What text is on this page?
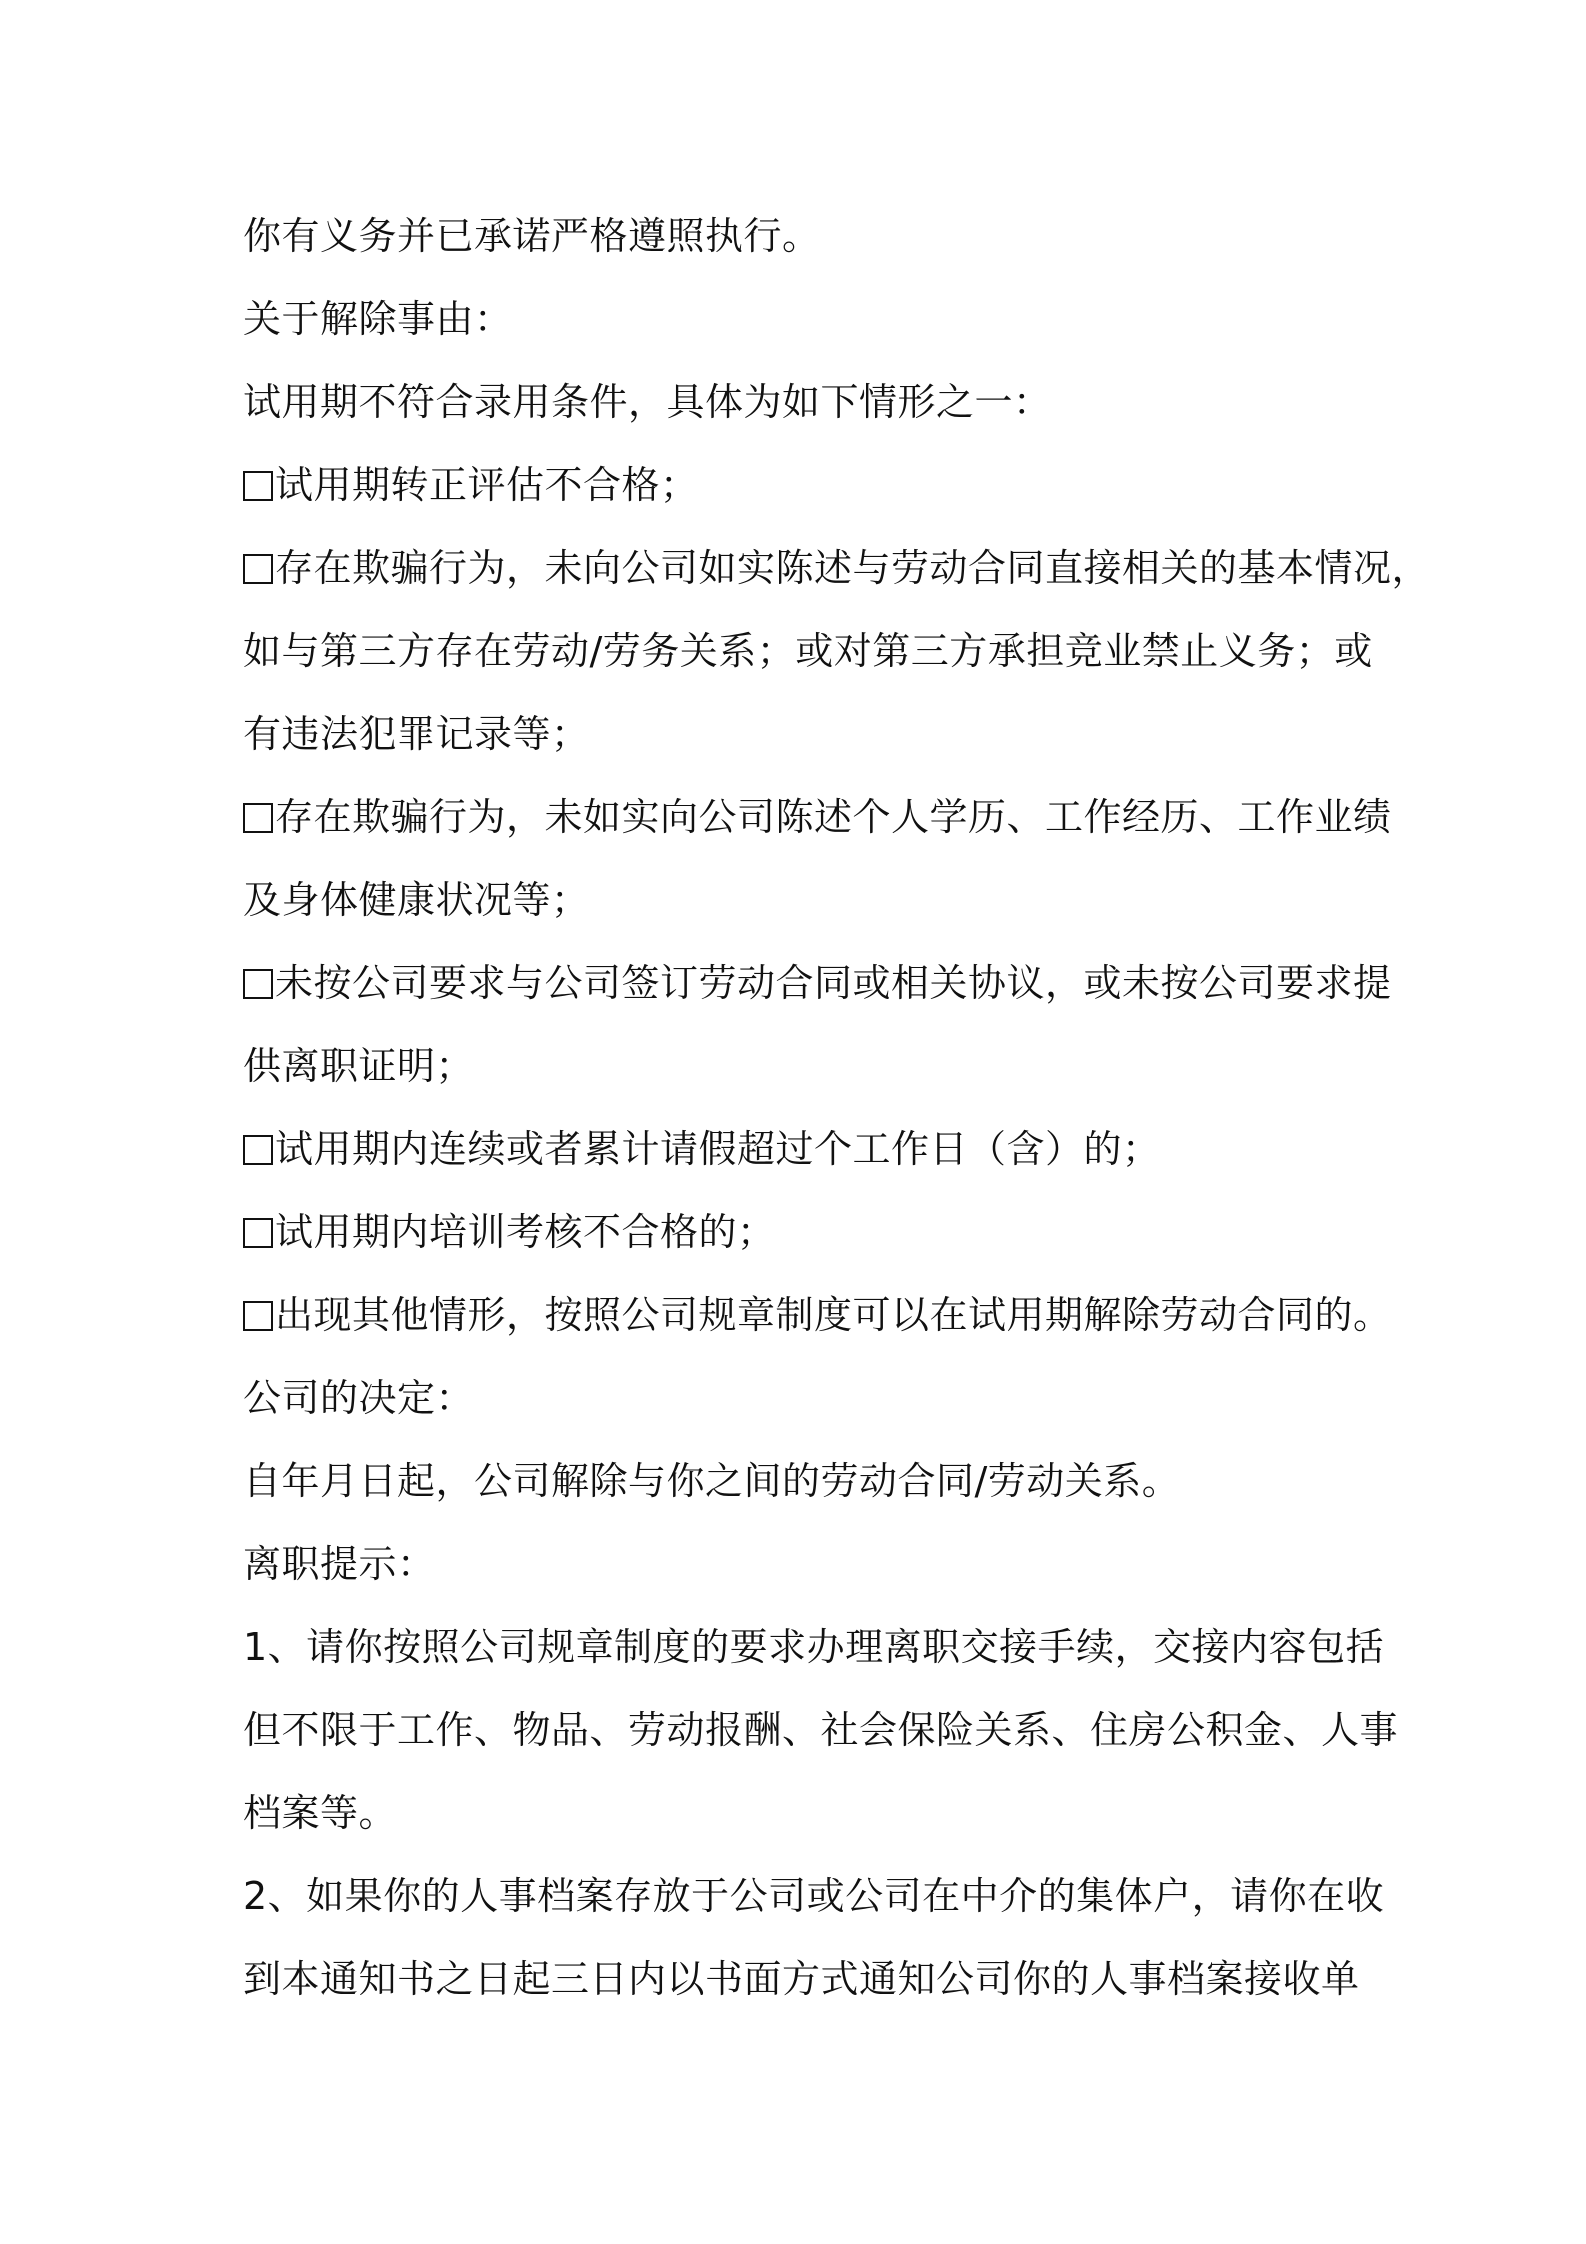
你有义务并已承诺严格遵照执行。
关于解除事由：
试用期不符合录用条件，具体为如下情形之一：
试用期转正评估不合格；
存在欺骗行为，未向公司如实陈述与劳动合同直接相关的基本情况，
如与第三方存在劳动/劳务关系；或对第三方承担竞业禁止义务；或
有违法犯罪记录等；
存在欺骗行为，未如实向公司陈述个人学历、工作经历、工作业绩
及身体健康状况等；
未按公司要求与公司签订劳动合同或相关协议，或未按公司要求提
供离职证明；
试用期内连续或者累计请假超过个工作日（含）的；
试用期内培训考核不合格的；
出现其他情形，按照公司规章制度可以在试用期解除劳动合同的。
公司的决定：
自年月日起，公司解除与你之间的劳动合同/劳动关系。
离职提示：
1、请你按照公司规章制度的要求办理离职交接手续，交接内容包括
但不限于工作、物品、劳动报酬、社会保险关系、住房公积金、人事
档案等。
2、如果你的人事档案存放于公司或公司在中介的集体户，请你在收
到本通知书之日起三日内以书面方式通知公司你的人事档案接收单
